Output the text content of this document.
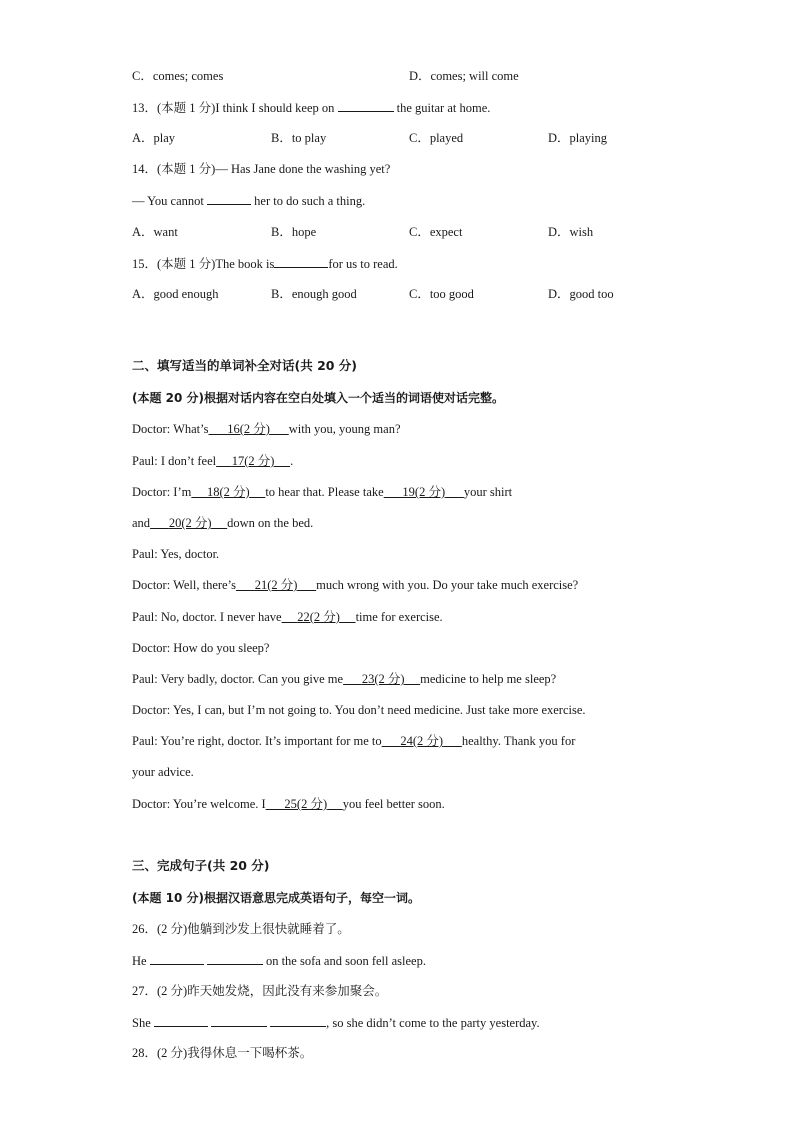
C．comes; comes	D．comes; will come
13．(本题 1 分)I think I should keep on	the guitar at home.
A．play	B．to play	C．played	D．playing
14．(本题 1 分)— Has Jane done the washing yet?
— You cannot	her to do such a thing.
A．want	B．hope	C．expect	D．wish
15．(本题 1 分)The book is	for us to read.
A．good enough	B．enough good	C．too good	D．good too
二、填写适当的单词补全对话(共 20 分)
(本题 20 分)根据对话内容在空白处填入一个适当的词语使对话完整。
Doctor: What’s 16(2 分) with you, young man?
Paul: I don’t feel 17(2 分) .
Doctor: I’m 18(2 分) to hear that. Please take 19(2 分) your shirt
and 20(2 分) down on the bed.
Paul: Yes, doctor.
Doctor: Well, there’s 21(2 分) much wrong with you. Do your take much exercise?
Paul: No, doctor. I never have 22(2 分) time for exercise.
Doctor: How do you sleep?
Paul: Very badly, doctor. Can you give me 23(2 分) medicine to help me sleep?
Doctor: Yes, I can, but I’m not going to. You don’t need medicine. Just take more exercise.
Paul: You’re right, doctor. It’s important for me to 24(2 分) healthy. Thank you for
your advice.
Doctor: You’re welcome. I 25(2 分) you feel better soon.
三、完成句子(共 20 分)
(本题 10 分)根据汉语意思完成英语句子，每空一词。
26．(2 分)他躺到沙发上很快就睡着了。
He	on the sofa and soon fell asleep.
27．(2 分)昨天她发烧，因此没有来参加聚会。
She	, so she didn’t come to the party yesterday.
28．(2 分)我得休息一下喝杯茶。
